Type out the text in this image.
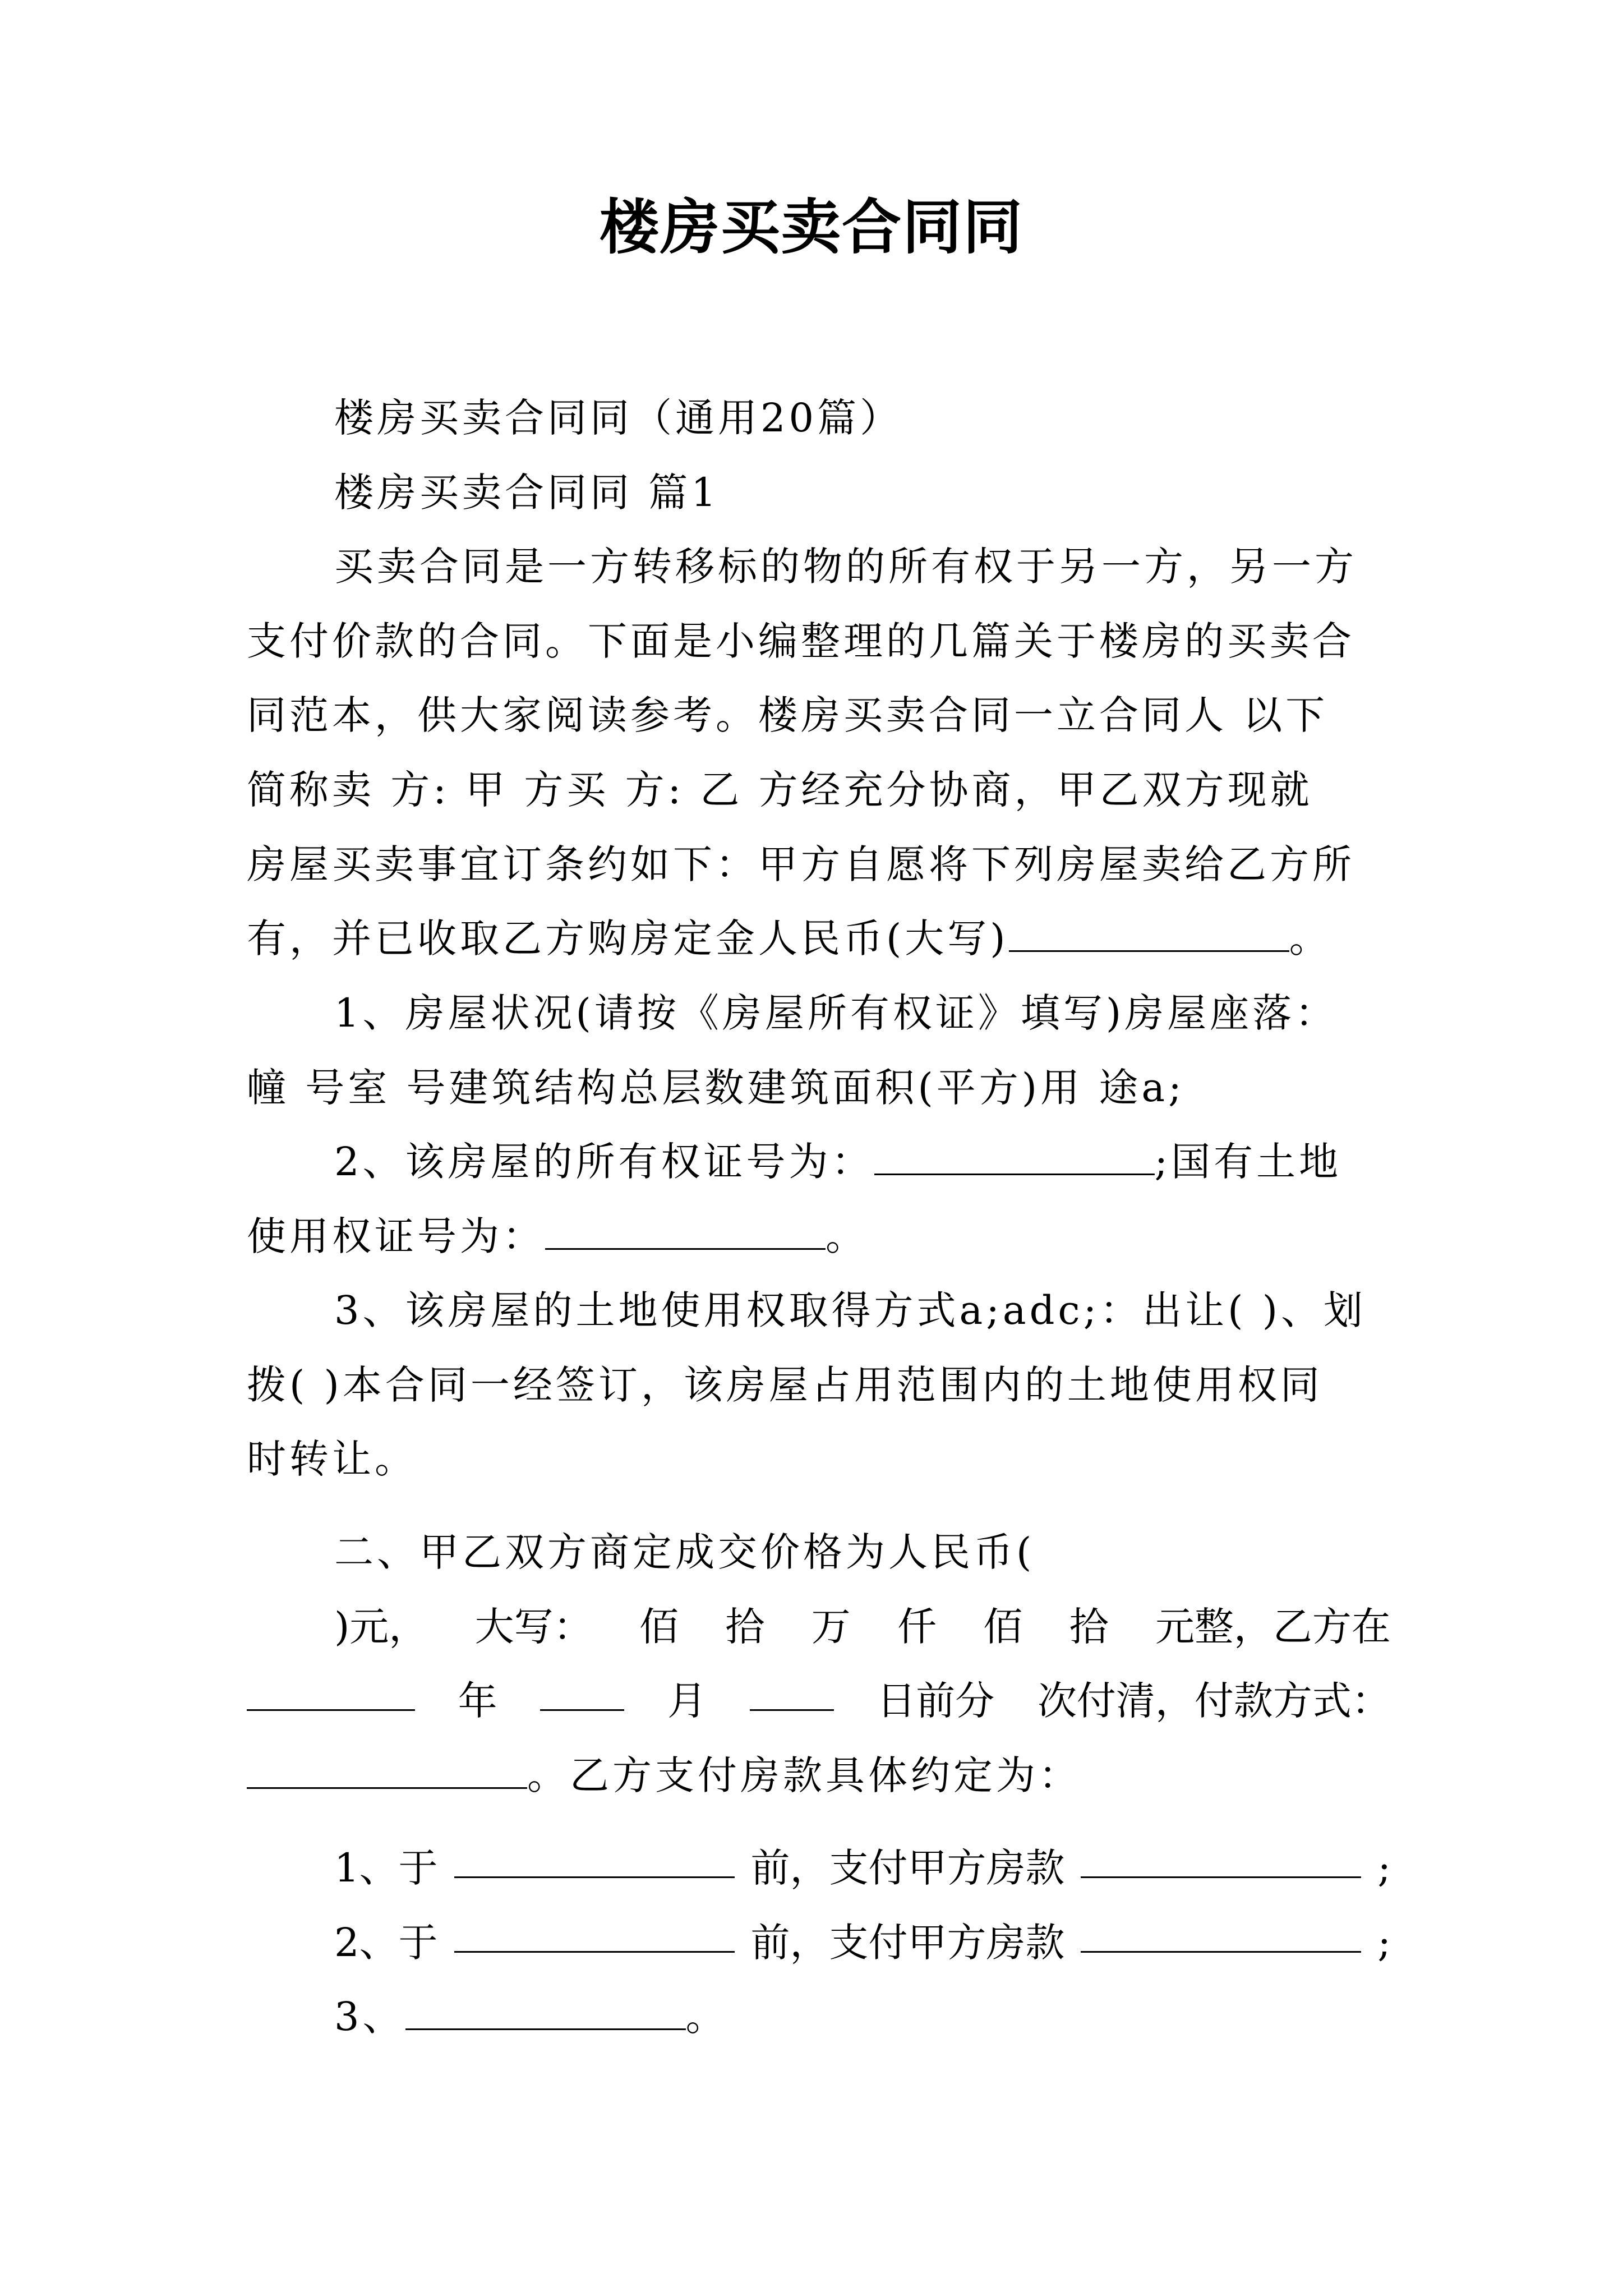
楼房买卖合同同
楼房买卖合同同（通用20篇）
楼房买卖合同同 篇1
买卖合同是一方转移标的物的所有权于另一方，另一方
支付价款的合同。下面是小编整理的几篇关于楼房的买卖合
同范本，供大家阅读参考。楼房买卖合同一立合同人 以下
简称卖 方: 甲 方买 方: 乙 方经充分协商，甲乙双方现就
房屋买卖事宜订条约如下：甲方自愿将下列房屋卖给乙方所
有，并已收取乙方购房定金人民币(大写)	。
1、房屋状况(请按《房屋所有权证》填写)房屋座落：
幢 号室 号建筑结构总层数建筑面积(平方)用 途a;
2、该房屋的所有权证号为：	;国有土地
使用权证号为：	。
3、该房屋的土地使用权取得方式a;adc;：出让( )、划
拨( )本合同一经签订，该房屋占用范围内的土地使用权同
时转让。
二、甲乙双方商定成交价格为人民币(
)元， 大写： 佰 拾 万 仟 佰 拾 元整，乙方在
年	月	日前分 次付清，付款方式：
。乙方支付房款具体约定为：
1、于	前，支付甲方房款	;
2、于	前，支付甲方房款	;
3、	。
